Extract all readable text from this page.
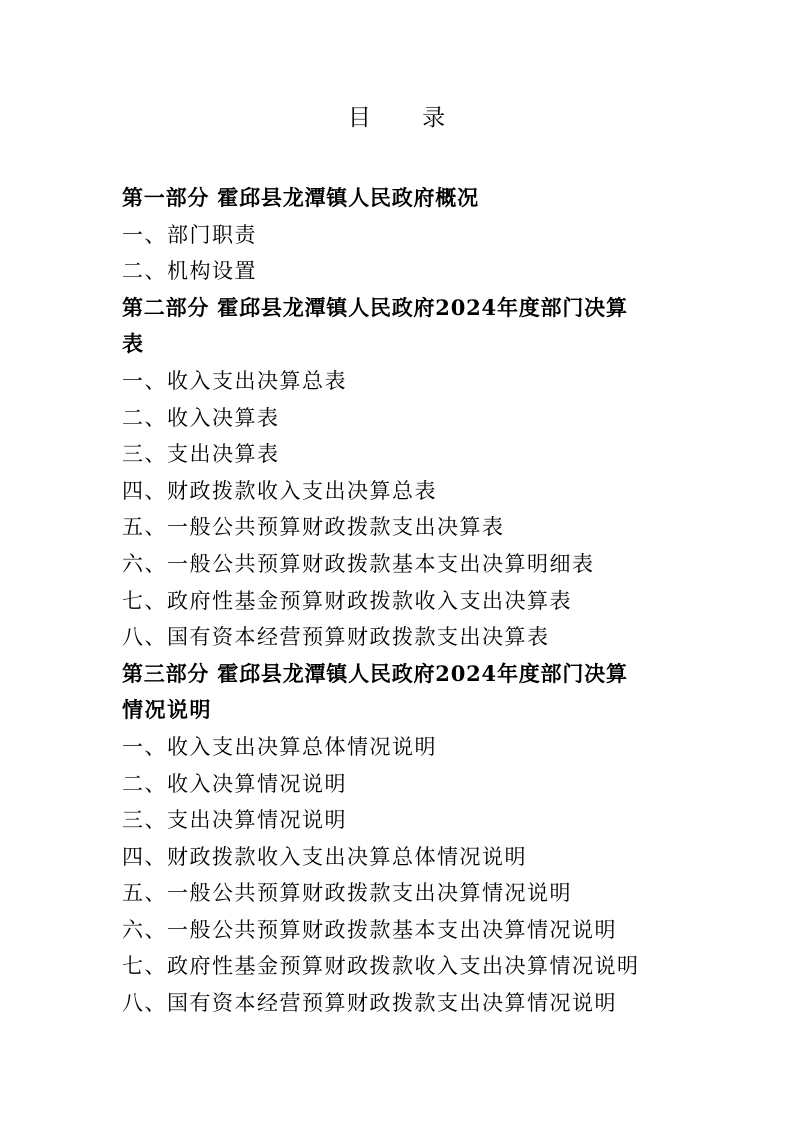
目 录
第一部分 霍邱县龙潭镇人民政府概况
一、部门职责
二、机构设置
第二部分 霍邱县龙潭镇人民政府2024年度部门决算
表
一、收入支出决算总表
二、收入决算表
三、支出决算表
四、财政拨款收入支出决算总表
五、一般公共预算财政拨款支出决算表
六、一般公共预算财政拨款基本支出决算明细表
七、政府性基金预算财政拨款收入支出决算表
八、国有资本经营预算财政拨款支出决算表
第三部分 霍邱县龙潭镇人民政府2024年度部门决算
情况说明
一、收入支出决算总体情况说明
二、收入决算情况说明
三、支出决算情况说明
四、财政拨款收入支出决算总体情况说明
五、一般公共预算财政拨款支出决算情况说明
六、一般公共预算财政拨款基本支出决算情况说明
七、政府性基金预算财政拨款收入支出决算情况说明
八、国有资本经营预算财政拨款支出决算情况说明
